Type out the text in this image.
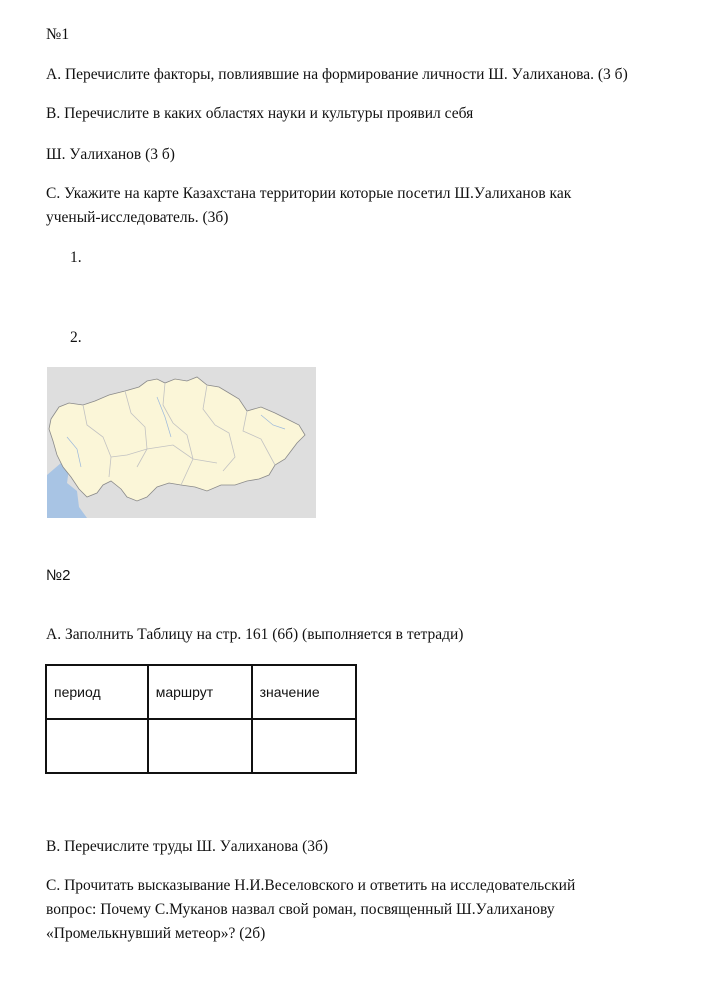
№1
А. Перечислите факторы, повлиявшие на формирование личности Ш. Уалиханова. (3 б)
В. Перечислите в каких областях науки и культуры проявил себя
Ш. Уалиханов (3 б)
С. Укажите на карте Казахстана территории которые посетил Ш.Уалиханов как
ученый-исследователь. (3б)
1.
2.
№2
А. Заполнить Таблицу на стр. 161 (6б) (выполняется в тетради)
период	маршрут	значение

В. Перечислите труды Ш. Уалиханова (3б)
С. Прочитать высказывание Н.И.Веселовского и ответить на исследовательский
вопрос: Почему С.Муканов назвал свой роман, посвященный Ш.Уалиханову
«Промелькнувший метеор»? (2б)
